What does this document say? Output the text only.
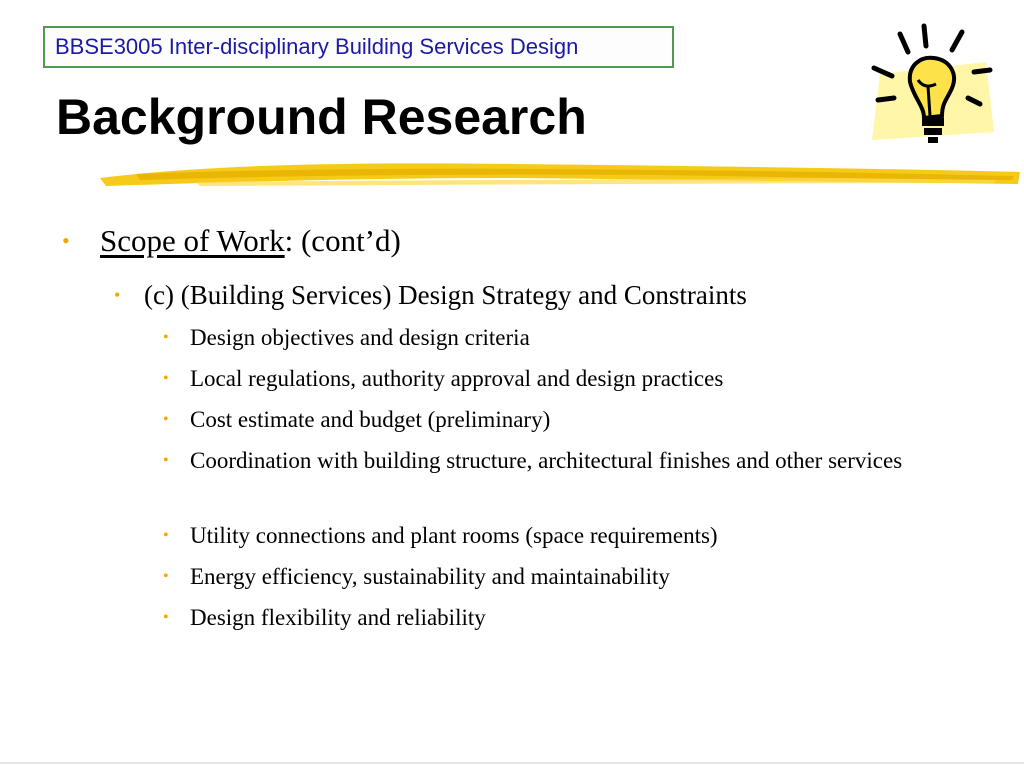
BBSE3005 Inter-disciplinary Building Services Design
Background Research
• Scope of Work: (cont’d)
• (c) (Building Services) Design Strategy and Constraints
• Design objectives and design criteria
• Local regulations, authority approval and design practices
• Cost estimate and budget (preliminary)
• Coordination with building structure, architectural finishes and other services
• Utility connections and plant rooms (space requirements)
• Energy efficiency, sustainability and maintainability
• Design flexibility and reliability
